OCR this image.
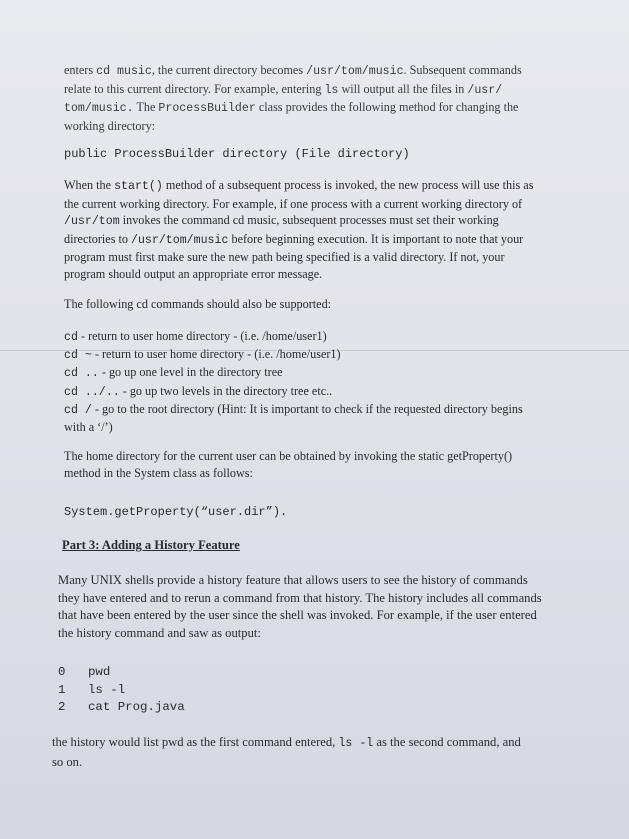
enters cd music, the current directory becomes /usr/tom/music. Subsequent commands
relate to this current directory. For example, entering ls will output all the files in /usr/
tom/music. The ProcessBuilder class provides the following method for changing the
working directory:
public ProcessBuilder directory (File directory)
When the start() method of a subsequent process is invoked, the new process will use this as
the current working directory. For example, if one process with a current working directory of
/usr/tom invokes the command cd music, subsequent processes must set their working
directories to /usr/tom/music before beginning execution. It is important to note that your
program must first make sure the new path being specified is a valid directory. If not, your
program should output an appropriate error message.
The following cd commands should also be supported:
cd - return to user home directory - (i.e. /home/user1)
cd ~ - return to user home directory - (i.e. /home/user1)
cd .. - go up one level in the directory tree
cd ../.. - go up two levels in the directory tree etc..
cd / - go to the root directory (Hint: It is important to check if the requested directory begins
with a ‘/’)
The home directory for the current user can be obtained by invoking the static getProperty()
method in the System class as follows:
System.getProperty(“user.dir”).
Part 3: Adding a History Feature
Many UNIX shells provide a history feature that allows users to see the history of commands
they have entered and to rerun a command from that history. The history includes all commands
that have been entered by the user since the shell was invoked. For example, if the user entered
the history command and saw as output:
0 pwd
1 ls -l
2 cat Prog.java
the history would list pwd as the first command entered, ls -l as the second command, and
so on.
